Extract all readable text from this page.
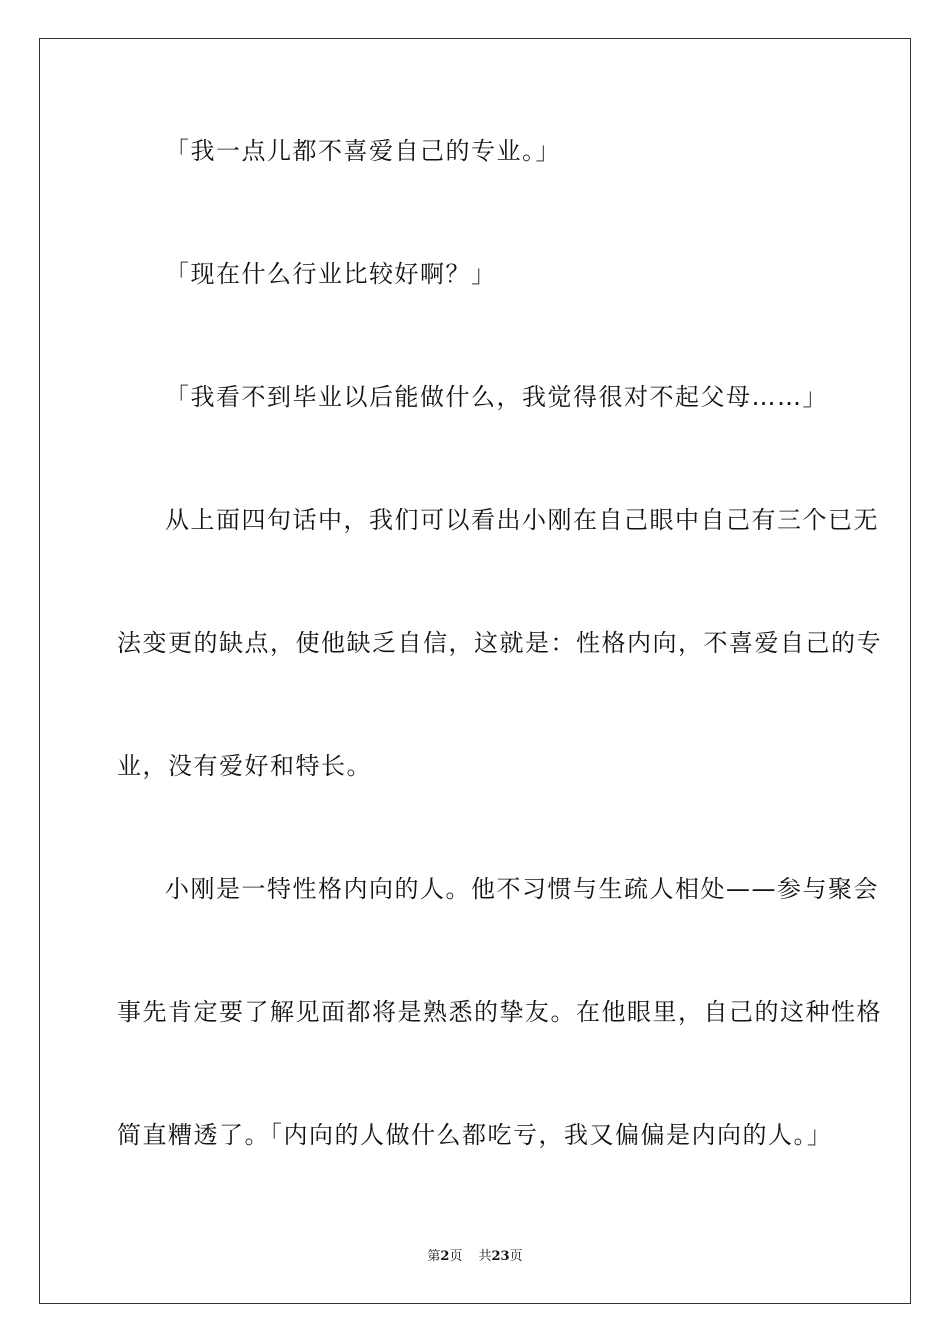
「我一点儿都不喜爱自己的专业。」
「现在什么行业比较好啊？」
「我看不到毕业以后能做什么，我觉得很对不起父母……」
从上面四句话中，我们可以看出小刚在自己眼中自己有三个已无
法变更的缺点，使他缺乏自信，这就是：性格内向，不喜爱自己的专
业，没有爱好和特长。
小刚是一特性格内向的人。他不习惯与生疏人相处——参与聚会
事先肯定要了解见面都将是熟悉的挚友。在他眼里，自己的这种性格
简直糟透了。「内向的人做什么都吃亏，我又偏偏是内向的人。」
第2页 共23页
